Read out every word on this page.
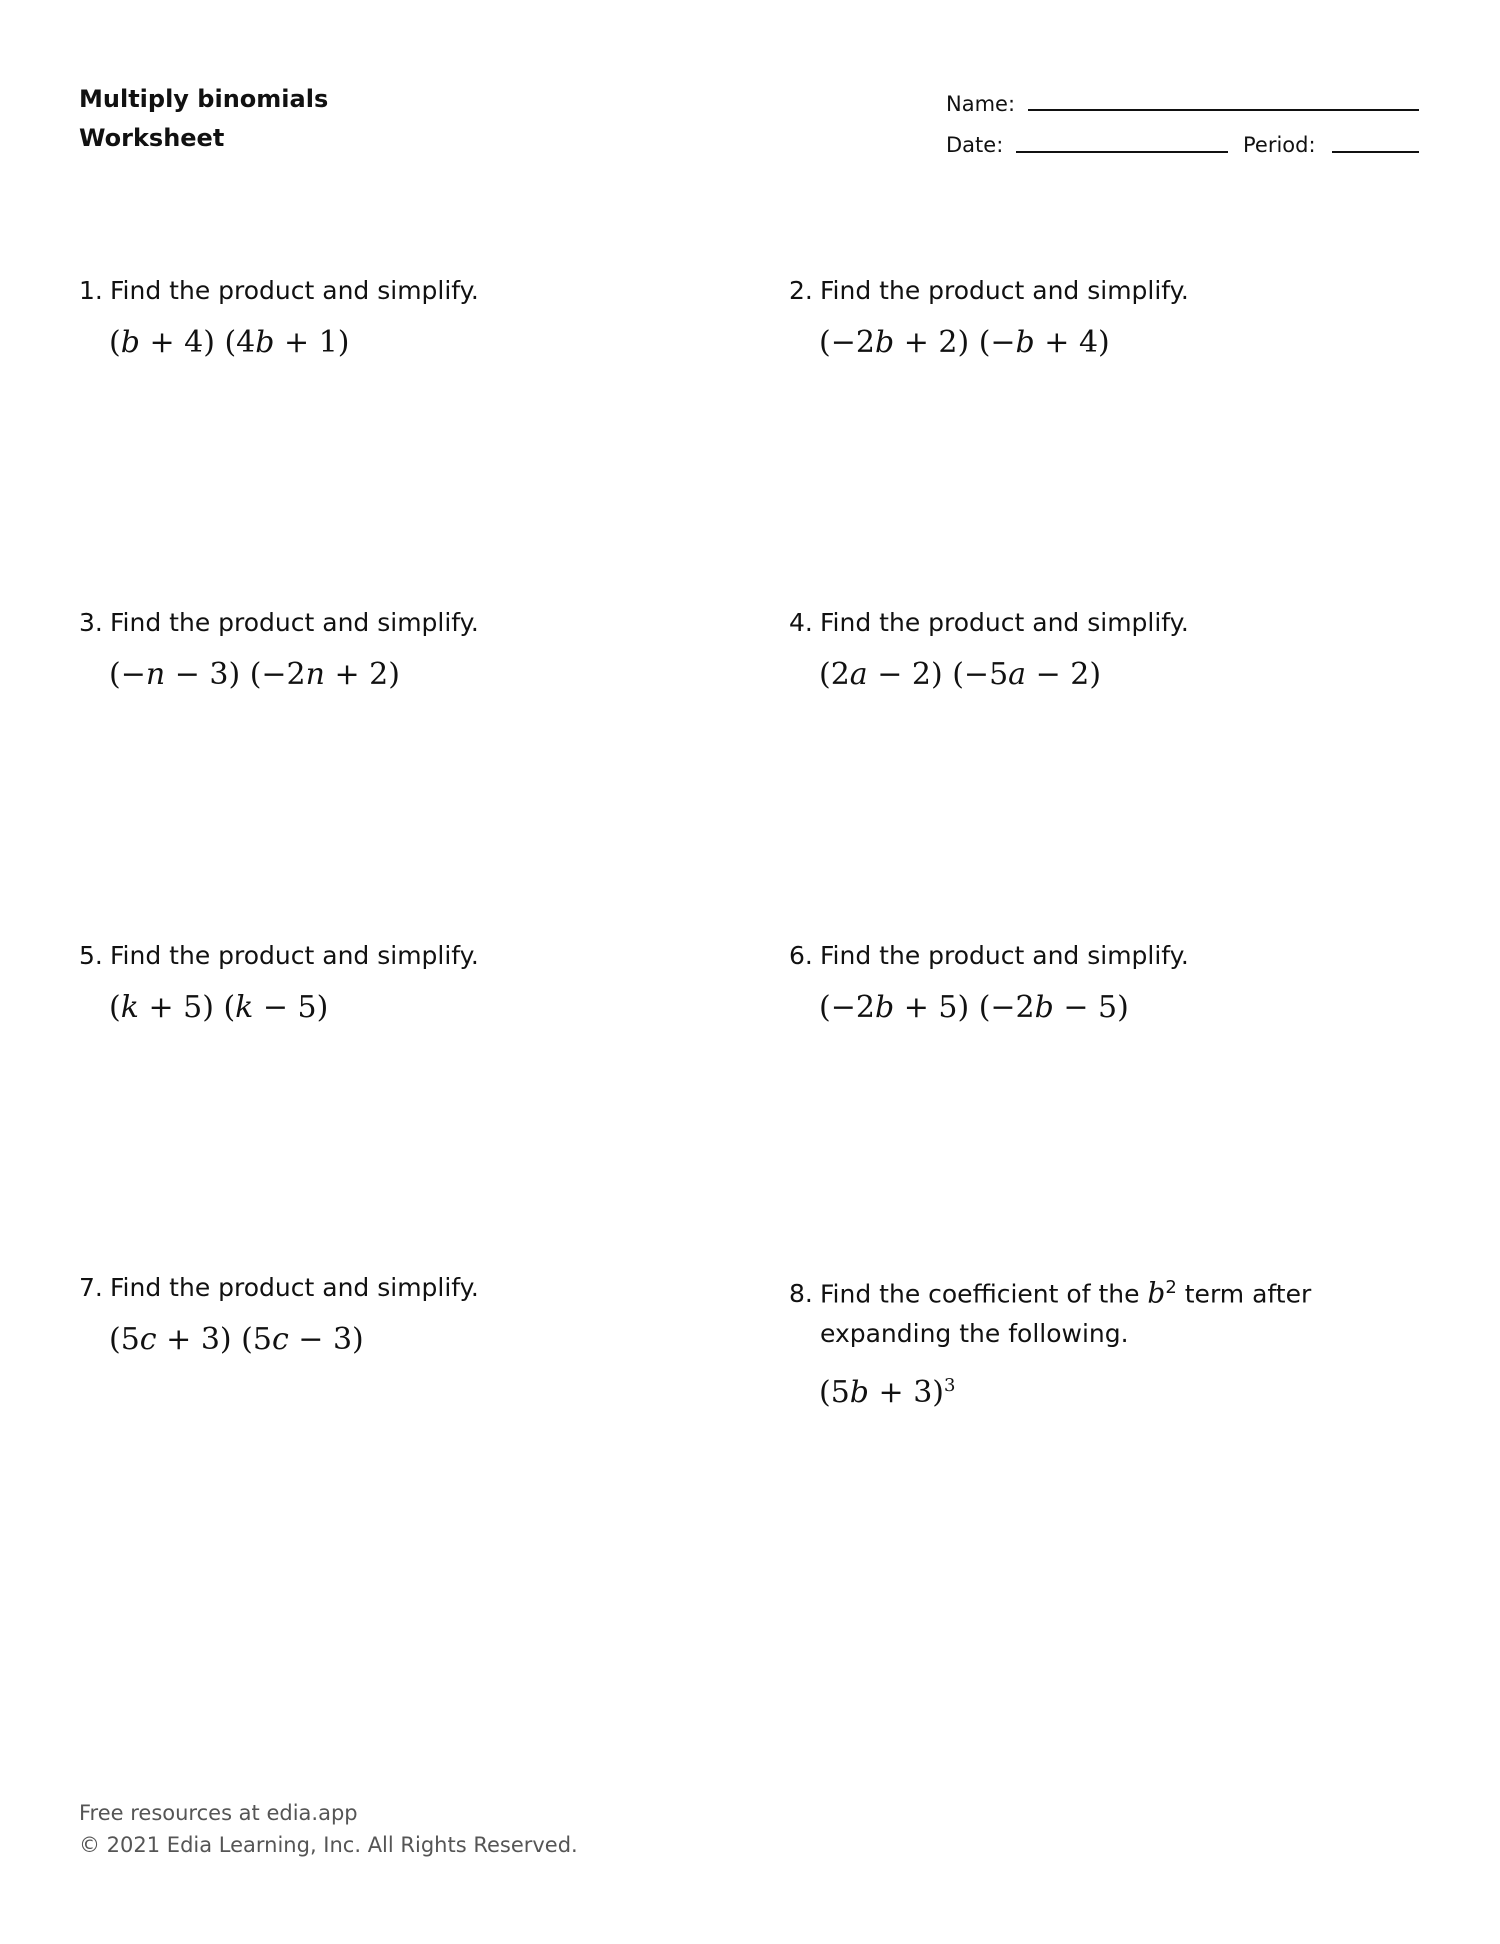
Multiply binomials
Worksheet
Name:
Date:	Period:
1. Find the product and simplify.
(b + 4) (4b + 1)
2. Find the product and simplify.
(−2b + 2) (−b + 4)
3. Find the product and simplify.
(−n − 3) (−2n + 2)
4. Find the product and simplify.
(2a − 2) (−5a − 2)
5. Find the product and simplify.
(k + 5) (k − 5)
6. Find the product and simplify.
(−2b + 5) (−2b − 5)
7. Find the product and simplify.
(5c + 3) (5c − 3)
8. Find the coefficient of the $b^2$ term after expanding the following.
$(5b + 3)^3$
Free resources at edia.app
© 2021 Edia Learning, Inc. All Rights Reserved.
